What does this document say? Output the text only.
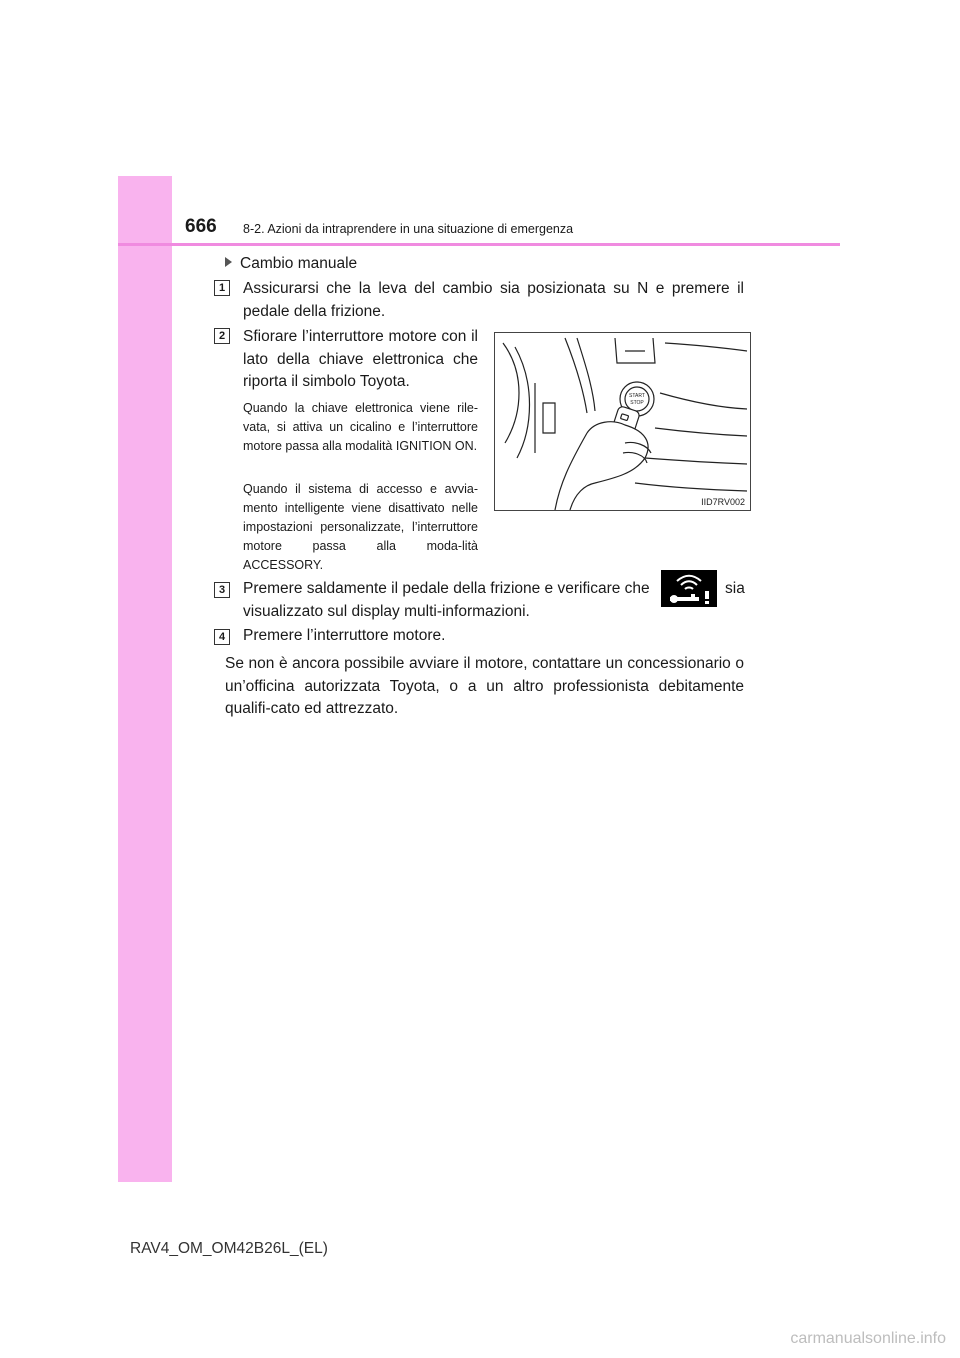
666 8-2. Azioni da intraprendere in una situazione di emergenza
Cambio manuale
1	Assicurarsi che la leva del cambio sia posizionata su N e premere il pedale della frizione.
2	Sfiorare l’interruttore motore con il lato della chiave elettronica che riporta il simbolo Toyota.
Quando la chiave elettronica viene rile-vata, si attiva un cicalino e l’interruttore motore passa alla modalità IGNITION ON.
Quando il sistema di accesso e avvia-mento intelligente viene disattivato nelle impostazioni personalizzate, l’interruttore motore passa alla moda-lità ACCESSORY.
START
STOP
IID7RV002
3	Premere saldamente il pedale della frizione e verificare che	sia
visualizzato sul display multi-informazioni.
4	Premere l’interruttore motore.
Se non è ancora possibile avviare il motore, contattare un concessionario o un’officina autorizzata Toyota, o a un altro professionista debitamente qualifi-cato ed attrezzato.
RAV4_OM_OM42B26L_(EL)
carmanualsonline.info
